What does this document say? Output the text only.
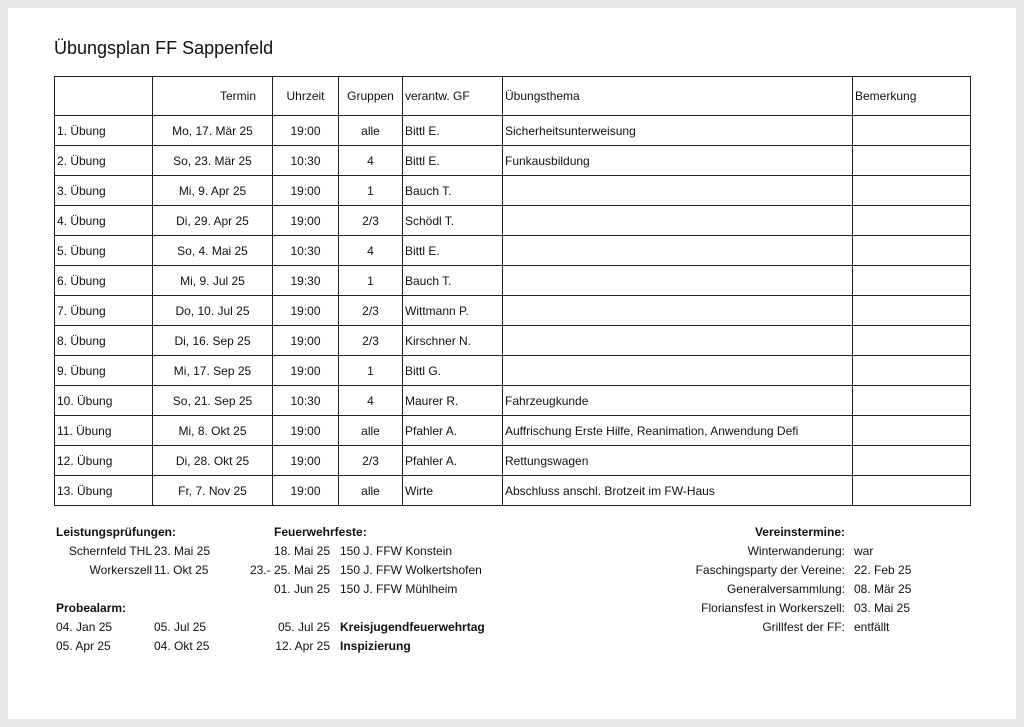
Übungsplan FF Sappenfeld
	Termin	Uhrzeit	Gruppen	verantw. GF	Übungsthema	Bemerkung
1. Übung	Mo, 17. Mär 25	19:00	alle	Bittl E.	Sicherheitsunterweisung	
2. Übung	So, 23. Mär 25	10:30	4	Bittl E.	Funkausbildung	
3. Übung	Mi, 9. Apr 25	19:00	1	Bauch T.		
4. Übung	Di, 29. Apr 25	19:00	2/3	Schödl T.		
5. Übung	So, 4. Mai 25	10:30	4	Bittl E.		
6. Übung	Mi, 9. Jul 25	19:30	1	Bauch T.		
7. Übung	Do, 10. Jul 25	19:00	2/3	Wittmann P.		
8. Übung	Di, 16. Sep 25	19:00	2/3	Kirschner N.		
9. Übung	Mi, 17. Sep 25	19:00	1	Bittl G.		
10. Übung	So, 21. Sep 25	10:30	4	Maurer R.	Fahrzeugkunde	
11. Übung	Mi, 8. Okt 25	19:00	alle	Pfahler A.	Auffrischung Erste Hilfe, Reanimation, Anwendung Defi	
12. Übung	Di, 28. Okt 25	19:00	2/3	Pfahler A.	Rettungswagen	
13. Übung	Fr, 7. Nov 25	19:00	alle	Wirte	Abschluss anschl. Brotzeit im FW-Haus	
Leistungsprüfungen:
Schernfeld THL 23. Mai 25
Workerszell 11. Okt 25
Probealarm:
04. Jan 25	05. Jul 25
05. Apr 25	04. Okt 25
Feuerwehrfeste:
18. Mai 25 150 J. FFW Konstein
23.- 25. Mai 25 150 J. FFW Wolkertshofen
01. Jun 25 150 J. FFW Mühlheim
05. Jul 25 Kreisjugendfeuerwehrtag
12. Apr 25 Inspizierung
Vereinstermine:
Winterwanderung: war
Faschingsparty der Vereine: 22. Feb 25
Generalversammlung: 08. Mär 25
Floriansfest in Workerszell: 03. Mai 25
Grillfest der FF: entfällt
